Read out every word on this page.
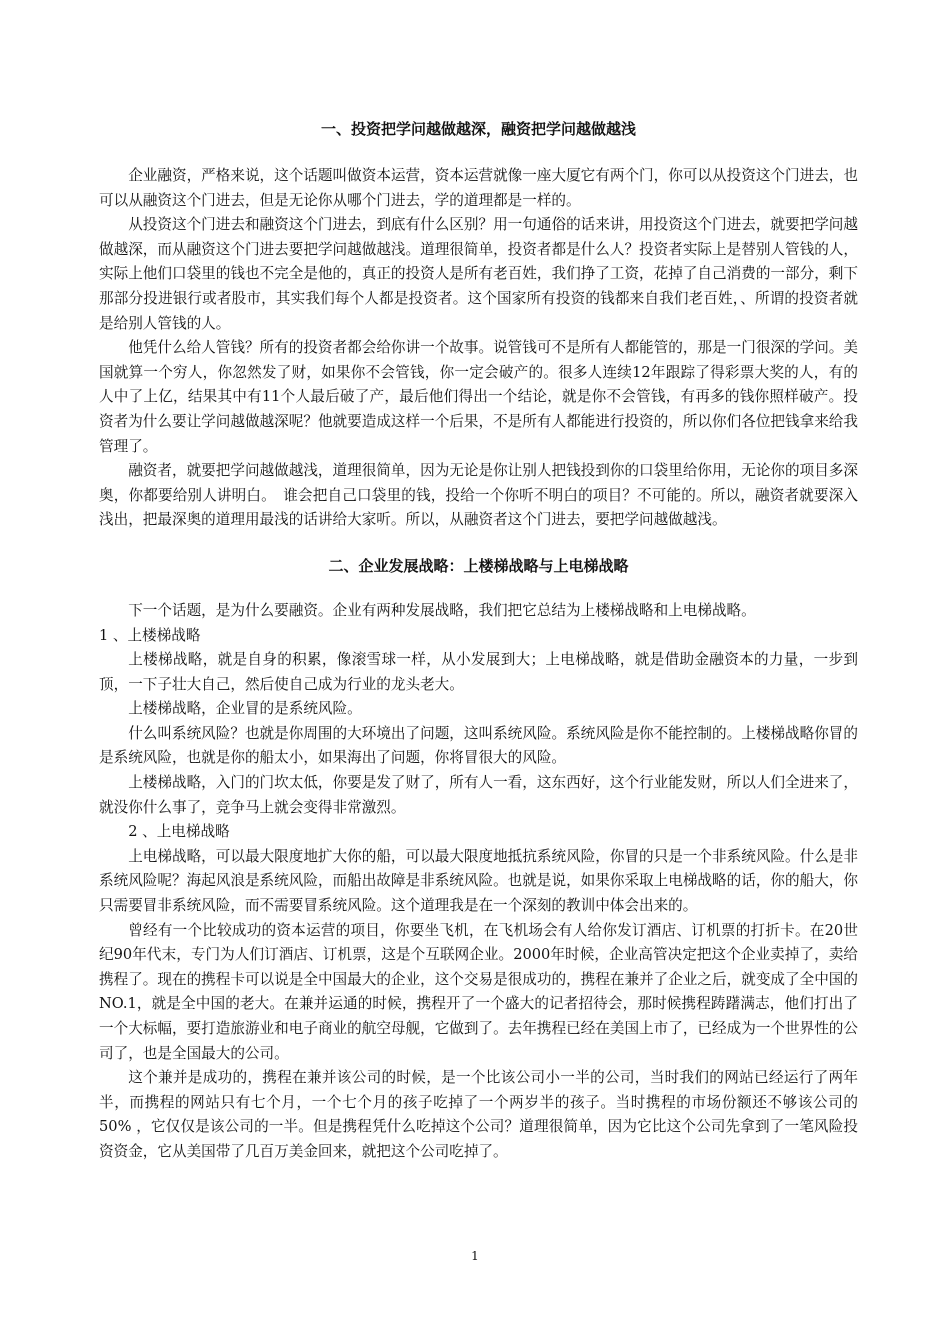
一、投资把学问越做越深，融资把学问越做越浅

企业融资，严格来说，这个话题叫做资本运营，资本运营就像一座大厦它有两个门，你可以从投资这个门进去，也可以从融资这个门进去，但是无论你从哪个门进去，学的道理都是一样的。

从投资这个门进去和融资这个门进去，到底有什么区别？用一句通俗的话来讲，用投资这个门进去，就要把学问越做越深，而从融资这个门进去要把学问越做越浅。道理很简单，投资者都是什么人？投资者实际上是替别人管钱的人，实际上他们口袋里的钱也不完全是他的，真正的投资人是所有老百姓，我们挣了工资，花掉了自己消费的一部分，剩下那部分投进银行或者股市，其实我们每个人都是投资者。这个国家所有投资的钱都来自我们老百姓，、所谓的投资者就是给别人管钱的人。

他凭什么给人管钱？所有的投资者都会给你讲一个故事。说管钱可不是所有人都能管的，那是一门很深的学问。美国就算一个穷人，你忽然发了财，如果你不会管钱，你一定会破产的。很多人连续12年跟踪了得彩票大奖的人，有的人中了上亿，结果其中有11个人最后破了产，最后他们得出一个结论，就是你不会管钱，有再多的钱你照样破产。投资者为什么要让学问越做越深呢？他就要造成这样一个后果，不是所有人都能进行投资的，所以你们各位把钱拿来给我管理了。

融资者，就要把学问越做越浅，道理很简单，因为无论是你让别人把钱投到你的口袋里给你用，无论你的项目多深奥，你都要给别人讲明白。　谁会把自己口袋里的钱，投给一个你听不明白的项目？不可能的。所以，融资者就要深入浅出，把最深奥的道理用最浅的话讲给大家听。所以，从融资者这个门进去，要把学问越做越浅。

二、企业发展战略：上楼梯战略与上电梯战略

下一个话题，是为什么要融资。企业有两种发展战略，我们把它总结为上楼梯战略和上电梯战略。

1 、上楼梯战略

上楼梯战略，就是自身的积累，像滚雪球一样，从小发展到大；上电梯战略，就是借助金融资本的力量，一步到顶，一下子壮大自己，然后使自己成为行业的龙头老大。

上楼梯战略，企业冒的是系统风险。

什么叫系统风险？也就是你周围的大环境出了问题，这叫系统风险。系统风险是你不能控制的。上楼梯战略你冒的是系统风险，也就是你的船太小，如果海出了问题，你将冒很大的风险。

上楼梯战略，入门的门坎太低，你要是发了财了，所有人一看，这东西好，这个行业能发财，所以人们全进来了，就没你什么事了，竞争马上就会变得非常激烈。

2 、上电梯战略

上电梯战略，可以最大限度地扩大你的船，可以最大限度地抵抗系统风险，你冒的只是一个非系统风险。什么是非系统风险呢？海起风浪是系统风险，而船出故障是非系统风险。也就是说，如果你采取上电梯战略的话，你的船大，你只需要冒非系统风险，而不需要冒系统风险。这个道理我是在一个深刻的教训中体会出来的。

曾经有一个比较成功的资本运营的项目，你要坐飞机，在飞机场会有人给你发订酒店、订机票的打折卡。在20世纪90年代末，专门为人们订酒店、订机票，这是个互联网企业。2000年时候，企业高管决定把这个企业卖掉了，卖给携程了。现在的携程卡可以说是全中国最大的企业，这个交易是很成功的，携程在兼并了企业之后，就变成了全中国的NO.1，就是全中国的老大。在兼并运通的时候，携程开了一个盛大的记者招待会，那时候携程踌躇满志，他们打出了一个大标幅，要打造旅游业和电子商业的航空母舰，它做到了。去年携程已经在美国上市了，已经成为一个世界性的公司了，也是全国最大的公司。

这个兼并是成功的，携程在兼并该公司的时候，是一个比该公司小一半的公司，当时我们的网站已经运行了两年半，而携程的网站只有七个月，一个七个月的孩子吃掉了一个两岁半的孩子。当时携程的市场份额还不够该公司的50% ，它仅仅是该公司的一半。但是携程凭什么吃掉这个公司？道理很简单，因为它比这个公司先拿到了一笔风险投资资金，它从美国带了几百万美金回来，就把这个公司吃掉了。

1
